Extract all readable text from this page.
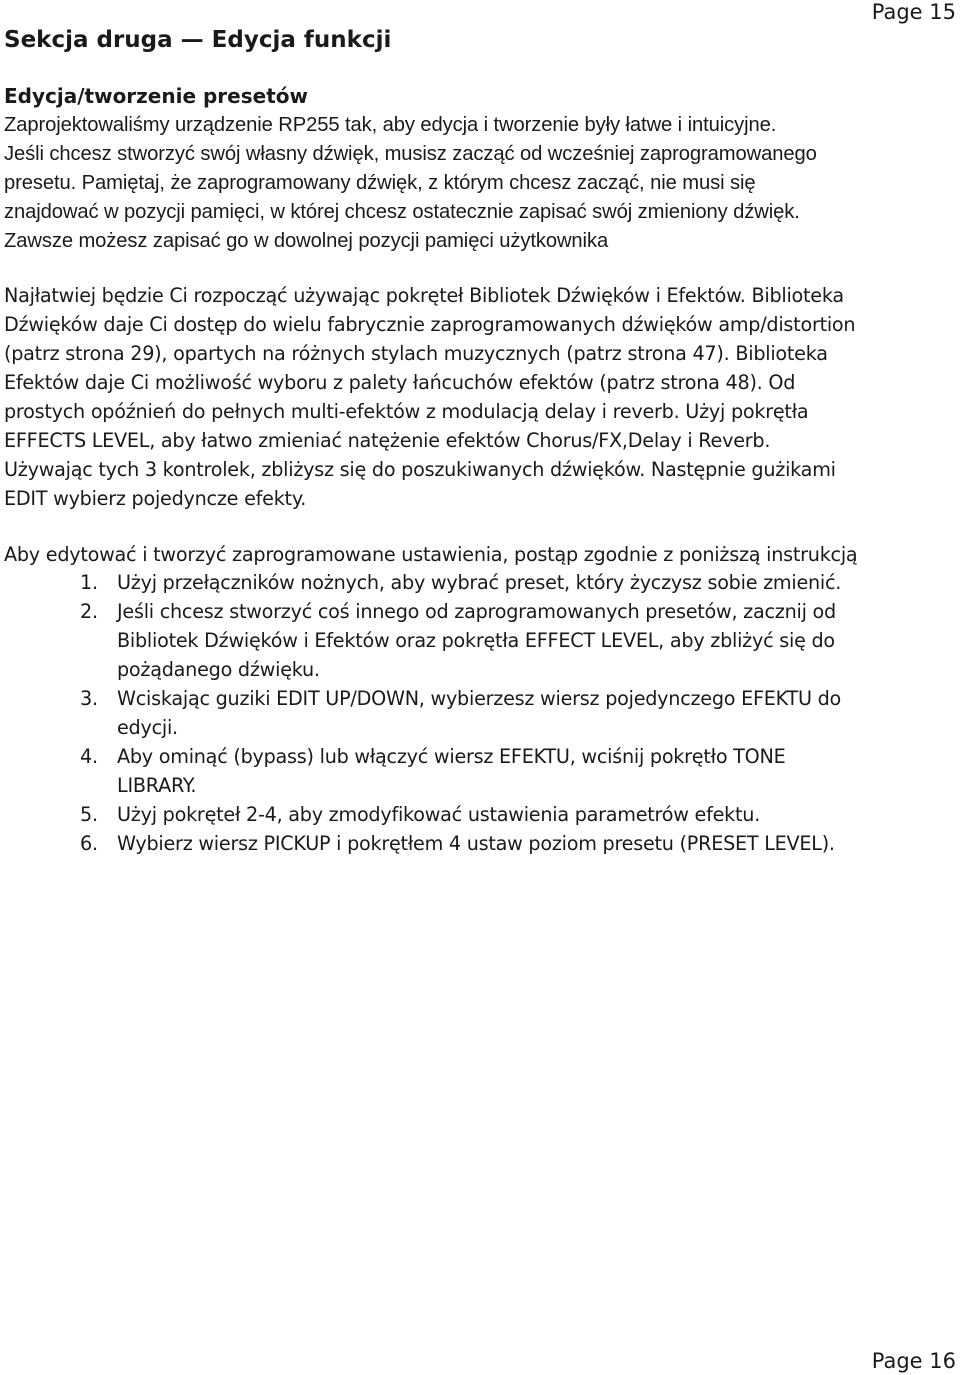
Page 15
Sekcja druga — Edycja funkcji
Edycja/tworzenie presetów
Zaprojektowaliśmy urządzenie RP255 tak, aby edycja i tworzenie były łatwe i intuicyjne.
Jeśli chcesz stworzyć swój własny dźwięk, musisz zacząć od wcześniej zaprogramowanego
presetu. Pamiętaj, że zaprogramowany dźwięk, z którym chcesz zacząć, nie musi się
znajdować w pozycji pamięci, w której chcesz ostatecznie zapisać swój zmieniony dźwięk.
Zawsze możesz zapisać go w dowolnej pozycji pamięci użytkownika
Najłatwiej będzie Ci rozpocząć używając pokręteł Bibliotek Dźwięków i Efektów. Biblioteka
Dźwięków daje Ci dostęp do wielu fabrycznie zaprogramowanych dźwięków amp/distortion
(patrz strona 29), opartych na różnych stylach muzycznych (patrz strona 47). Biblioteka
Efektów daje Ci możliwość wyboru z palety łańcuchów efektów (patrz strona 48). Od
prostych opóźnień do pełnych multi-efektów z modulacją delay i reverb. Użyj pokrętła
EFFECTS LEVEL, aby łatwo zmieniać natężenie efektów Chorus/FX,Delay i Reverb.
Używając tych 3 kontrolek, zbliżysz się do poszukiwanych dźwięków. Następnie gużikami
EDIT wybierz pojedyncze efekty.
Aby edytować i tworzyć zaprogramowane ustawienia, postąp zgodnie z poniższą instrukcją
1. Użyj przełączników nożnych, aby wybrać preset, który życzysz sobie zmienić.
2. Jeśli chcesz stworzyć coś innego od zaprogramowanych presetów, zacznij od
Bibliotek Dźwięków i Efektów oraz pokrętła EFFECT LEVEL, aby zbliżyć się do
pożądanego dźwięku.
3. Wciskając guziki EDIT UP/DOWN, wybierzesz wiersz pojedynczego EFEKTU do
edycji.
4. Aby ominąć (bypass) lub włączyć wiersz EFEKTU, wciśnij pokrętło TONE
LIBRARY.
5. Użyj pokręteł 2-4, aby zmodyfikować ustawienia parametrów efektu.
6. Wybierz wiersz PICKUP i pokrętłem 4 ustaw poziom presetu (PRESET LEVEL).
Page 16
